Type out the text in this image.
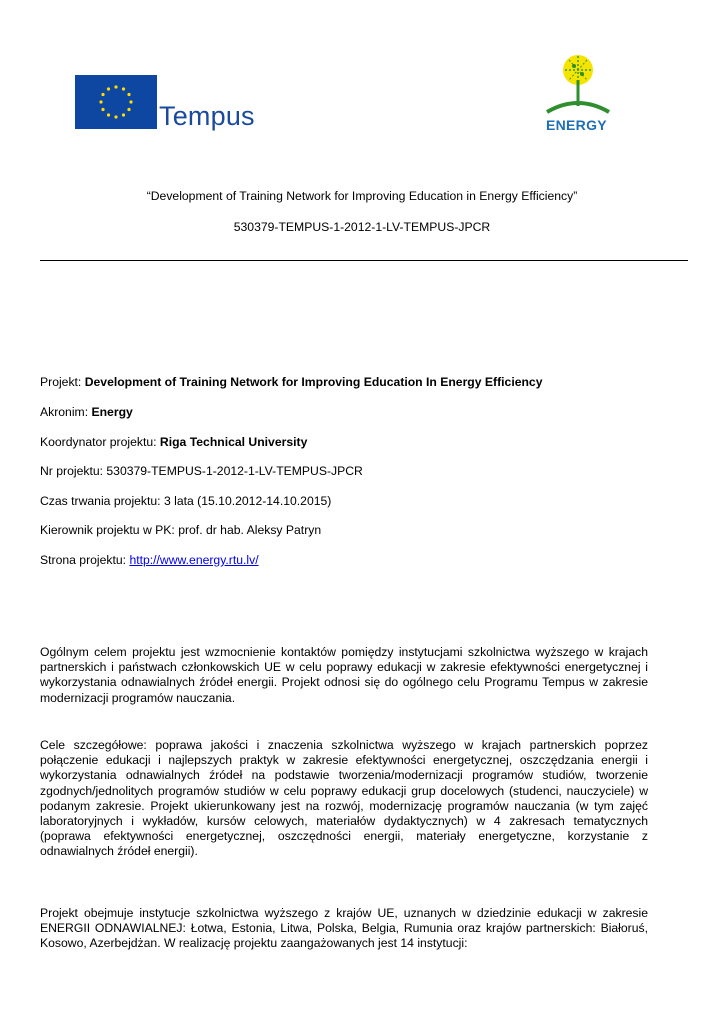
Tempus	ENERGY
“Development of Training Network for Improving Education in Energy Efficiency”
530379-TEMPUS-1-2012-1-LV-TEMPUS-JPCR
Projekt: Development of Training Network for Improving Education In Energy Efficiency
Akronim: Energy
Koordynator projektu: Riga Technical University
Nr projektu: 530379-TEMPUS-1-2012-1-LV-TEMPUS-JPCR
Czas trwania projektu: 3 lata (15.10.2012-14.10.2015)
Kierownik projektu w PK: prof. dr hab. Aleksy Patryn
Strona projektu: http://www.energy.rtu.lv/
Ogólnym celem projektu jest wzmocnienie kontaktów pomiędzy instytucjami szkolnictwa wyższego w krajach partnerskich i państwach członkowskich UE w celu poprawy edukacji w zakresie efektywności energetycznej i wykorzystania odnawialnych źródeł energii. Projekt odnosi się do ogólnego celu Programu Tempus w zakresie modernizacji programów nauczania.
Cele szczegółowe: poprawa jakości i znaczenia szkolnictwa wyższego w krajach partnerskich poprzez połączenie edukacji i najlepszych praktyk w zakresie efektywności energetycznej, oszczędzania energii i wykorzystania odnawialnych źródeł na podstawie tworzenia/modernizacji programów studiów, tworzenie zgodnych/jednolitych programów studiów w celu poprawy edukacji grup docelowych (studenci, nauczyciele) w podanym zakresie. Projekt ukierunkowany jest na rozwój, modernizację programów nauczania (w tym zajęć laboratoryjnych i wykładów, kursów celowych, materiałów dydaktycznych) w 4 zakresach tematycznych (poprawa efektywności energetycznej, oszczędności energii, materiały energetyczne, korzystanie z odnawialnych źródeł energii).
Projekt obejmuje instytucje szkolnictwa wyższego z krajów UE, uznanych w dziedzinie edukacji w zakresie ENERGII ODNAWIALNEJ: Łotwa, Estonia, Litwa, Polska, Belgia, Rumunia oraz krajów partnerskich: Białoruś, Kosowo, Azerbejdżan. W realizację projektu zaangażowanych jest 14 instytucji:
